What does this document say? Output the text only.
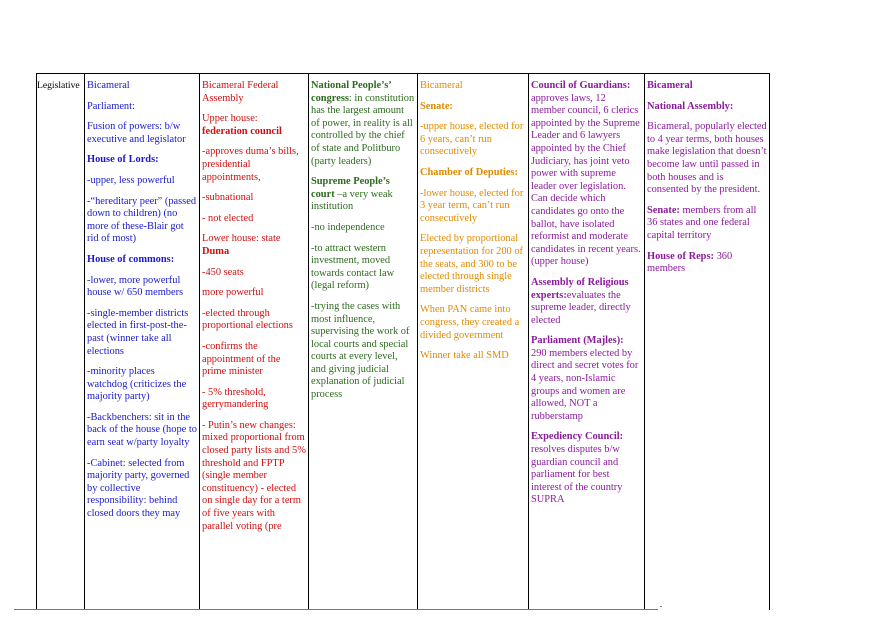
Legislative Bicameral

Parliament:

Fusion of powers: b/w executive and legislator

House of Lords:

-upper, less powerful

-“hereditary peer” (passed down to children) (no more of these-Blair got rid of most)

House of commons:

-lower, more powerful house w/ 650 members

-single-member districts elected in first-post-the-past (winner take all elections

-minority places watchdog (criticizes the majority party)

-Backbenchers: sit in the back of the house (hope to earn seat w/party loyalty

-Cabinet: selected from majority party, governed by collective responsibility: behind closed doors they may

Bicameral Federal Assembly

Upper house:
federation council

-approves duma’s bills, presidential appointments,

-subnational

- not elected

Lower house: state
Duma

-450 seats

more powerful

-elected through proportional elections

-confirms the appointment of the prime minister

- 5% threshold, gerrymandering

- Putin’s new changes: mixed proportional from closed party lists and 5% threshold and FPTP (single member constituency) - elected on single day for a term of five years with parallel voting (pre

National People’s’ congress: in constitution has the largest amount of power, in reality is all controlled by the chief of state and Politburo (party leaders)

Supreme People’s court –a very weak institution

-no independence

-to attract western investment, moved towards contact law (legal reform)

-trying the cases with most influence, supervising the work of local courts and special courts at every level, and giving judicial explanation of judicial process

Bicameral

Senate:

-upper house, elected for 6 years, can’t run consecutively

Chamber of Deputies:

-lower house, elected for 3 year term, can’t run consecutively

Elected by proportional representation for 200 of the seats, and 300 to be elected through single member districts

When PAN came into congress, they created a divided government

Winner take all SMD

Council of Guardians:
approves laws, 12 member council, 6 clerics appointed by the Supreme Leader and 6 lawyers appointed by the Chief Judiciary, has joint veto power with supreme leader over legislation. Can decide which candidates go onto the ballot, have isolated reformist and moderate candidates in recent years. (upper house)

Assembly of Religious experts:evaluates the supreme leader, directly elected

Parliament (Majles):
290 members elected by direct and secret votes for 4 years, non-Islamic groups and women are allowed, NOT a rubberstamp

Expediency Council:
resolves disputes b/w guardian council and parliament for best interest of the country SUPRA

Bicameral

National Assembly:

Bicameral, popularly elected to 4 year terms, both houses make legislation that doesn’t become law until passed in both houses and is consented by the president.

Senate: members from all 36 states and one federal capital territory

House of Reps: 360 members
